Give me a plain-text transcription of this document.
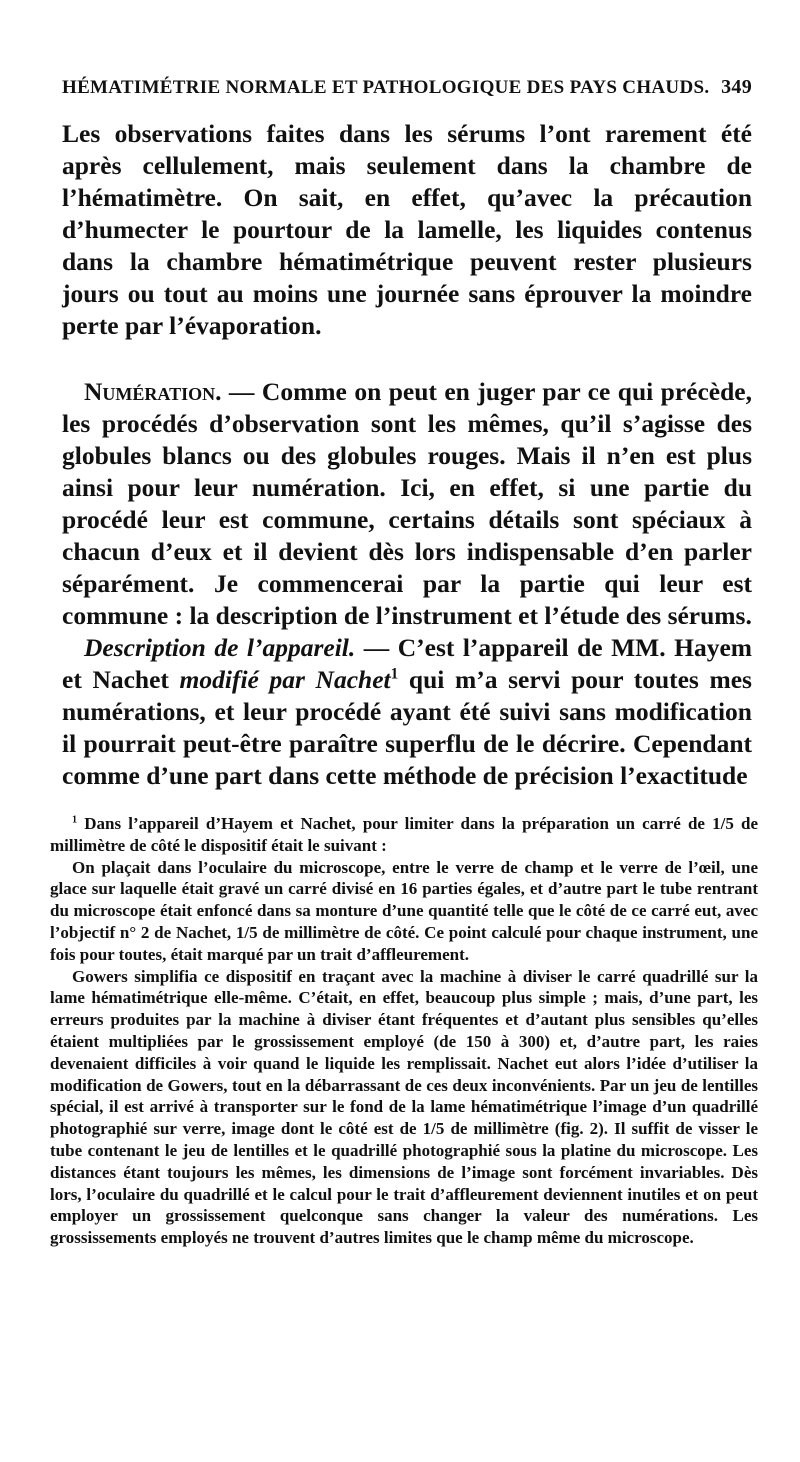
HÉMATIMÉTRIE NORMALE ET PATHOLOGIQUE DES PAYS CHAUDS. 349

Les observations faites dans les sérums l’ont rarement été après cellulement, mais seulement dans la chambre de l’hématimètre. On sait, en effet, qu’avec la précaution d’humecter le pourtour de la lamelle, les liquides contenus dans la chambre hématimétrique peuvent rester plusieurs jours ou tout au moins une journée sans éprouver la moindre perte par l’évaporation.

Numération. — Comme on peut en juger par ce qui précède, les procédés d’observation sont les mêmes, qu’il s’agisse des globules blancs ou des globules rouges. Mais il n’en est plus ainsi pour leur numération. Ici, en effet, si une partie du procédé leur est commune, certains détails sont spéciaux à chacun d’eux et il devient dès lors indispensable d’en parler séparément. Je commencerai par la partie qui leur est commune : la description de l’instrument et l’étude des sérums.

Description de l’appareil. — C’est l’appareil de MM. Hayem et Nachet modifié par Nachet$^1$ qui m’a servi pour toutes mes numérations, et leur procédé ayant été suivi sans modification il pourrait peut-être paraître superflu de le décrire. Cependant comme d’une part dans cette méthode de précision l’exactitude

$^1$ Dans l’appareil d’Hayem et Nachet, pour limiter dans la préparation un carré de 1/5 de millimètre de côté le dispositif était le suivant :

On plaçait dans l’oculaire du microscope, entre le verre de champ et le verre de l’œil, une glace sur laquelle était gravé un carré divisé en 16 parties égales, et d’autre part le tube rentrant du microscope était enfoncé dans sa monture d’une quantité telle que le côté de ce carré eut, avec l’objectif n° 2 de Nachet, 1/5 de millimètre de côté. Ce point calculé pour chaque instrument, une fois pour toutes, était marqué par un trait d’affleurement.

Gowers simplifia ce dispositif en traçant avec la machine à diviser le carré quadrillé sur la lame hématimétrique elle-même. C’était, en effet, beaucoup plus simple ; mais, d’une part, les erreurs produites par la machine à diviser étant fréquentes et d’autant plus sensibles qu’elles étaient multipliées par le grossissement employé (de 150 à 300) et, d’autre part, les raies devenaient difficiles à voir quand le liquide les remplissait. Nachet eut alors l’idée d’utiliser la modification de Gowers, tout en la débarrassant de ces deux inconvénients. Par un jeu de lentilles spécial, il est arrivé à transporter sur le fond de la lame hématimétrique l’image d’un quadrillé photographié sur verre, image dont le côté est de 1/5 de millimètre (fig. 2). Il suffit de visser le tube contenant le jeu de lentilles et le quadrillé photographié sous la platine du microscope. Les distances étant toujours les mêmes, les dimensions de l’image sont forcément invariables. Dès lors, l’oculaire du quadrillé et le calcul pour le trait d’affleurement deviennent inutiles et on peut employer un grossissement quelconque sans changer la valeur des numérations. Les grossissements employés ne trouvent d’autres limites que le champ même du microscope.
